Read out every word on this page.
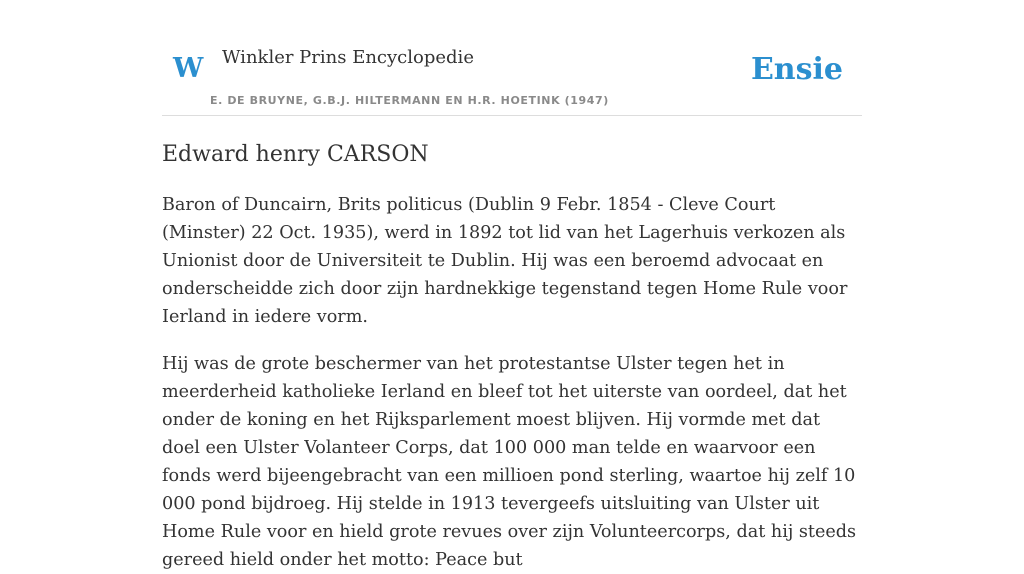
W Winkler Prins Encyclopedie
E. DE BRUYNE, G.B.J. HILTERMANN EN H.R. HOETINK (1947)
Ensie
Edward henry CARSON

Baron of Duncairn, Brits politicus (Dublin 9 Febr. 1854 - Cleve Court (Minster) 22 Oct. 1935), werd in 1892 tot lid van het Lagerhuis verkozen als Unionist door de Universiteit te Dublin. Hij was een beroemd advocaat en onderscheidde zich door zijn hardnekkige tegenstand tegen Home Rule voor Ierland in iedere vorm.

Hij was de grote beschermer van het protestantse Ulster tegen het in meerderheid katholieke Ierland en bleef tot het uiterste van oordeel, dat het onder de koning en het Rijksparlement moest blijven. Hij vormde met dat doel een Ulster Volanteer Corps, dat 100 000 man telde en waarvoor een fonds werd bijeengebracht van een millioen pond sterling, waartoe hij zelf 10 000 pond bijdroeg. Hij stelde in 1913 tevergeefs uitsluiting van Ulster uit Home Rule voor en hield grote revues over zijn Volunteercorps, dat hij steeds gereed hield onder het motto: Peace but
